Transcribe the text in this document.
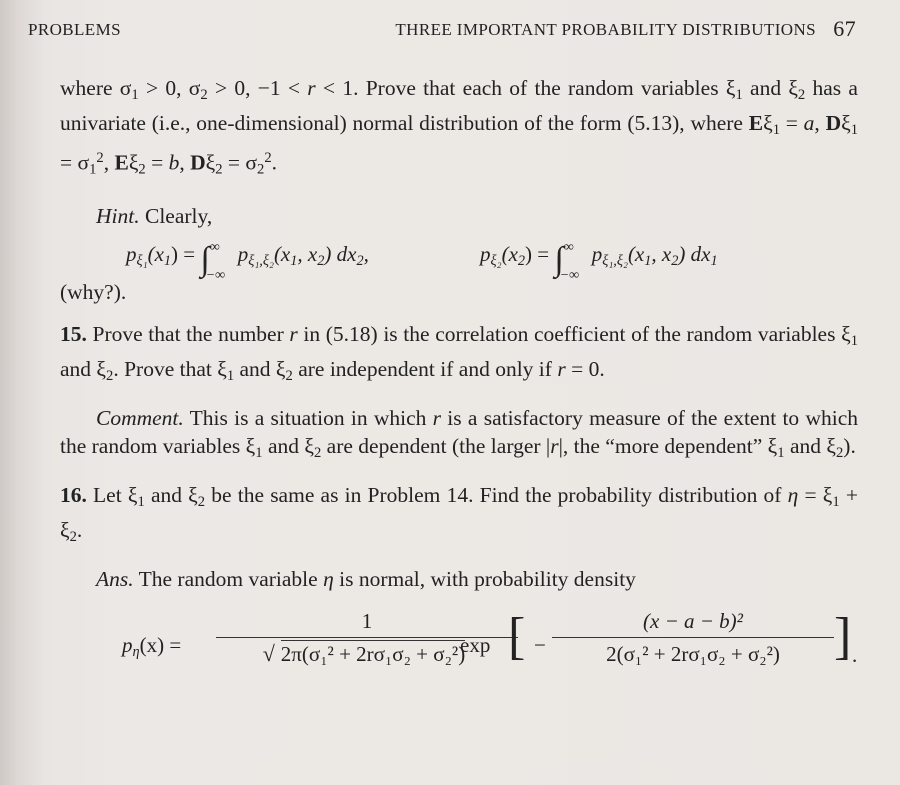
PROBLEMS	THREE IMPORTANT PROBABILITY DISTRIBUTIONS 67

where $\sigma_1 > 0$, $\sigma_2 > 0$, −1 < r < 1. Prove that each of the random variables $\xi_1$ and $\xi_2$ has a univariate (i.e., one-dimensional) normal distribution of the form (5.13), where $E\xi_1 = a$, $D\xi_1 = \sigma_1^2$, $E\xi_2 = b$, $D\xi_2 = \sigma_2^2$.

Hint. Clearly,

$p_{\xi_1}(x_1)$ = ∫ ∞
−∞
$p_{\xi_1,\xi_2}(x_1$, $x_2$) $dx_2$,	$p_{\xi_2}(x_2)$ = ∫ ∞
−∞
$p_{\xi_1,\xi_2}(x_1$, $x_2$) $dx_1$

(why?).

15. Prove that the number r in (5.18) is the correlation coefficient of the random variables $\xi_1$ and $\xi_2$. Prove that $\xi_1$ and $\xi_2$ are independent if and only if r = 0.

Comment. This is a situation in which r is a satisfactory measure of the extent to which the random variables $\xi_1$ and $\xi_2$ are dependent (the larger |r|, the “more dependent” $\xi_1$ and $\xi_2$).

16. Let $\xi_1$ and $\xi_2$ be the same as in Problem 14. Find the probability distribution of $\eta = \xi_1 + \xi_2$.

Ans. The random variable η is normal, with probability density

$p_\eta(x)$ =
1
√ 2π(σ₁² + 2rσ₁σ₂ + σ₂²)
exp [ −
(x − a − b)²
2(σ₁² + 2rσ₁σ₂ + σ₂²)	] .
